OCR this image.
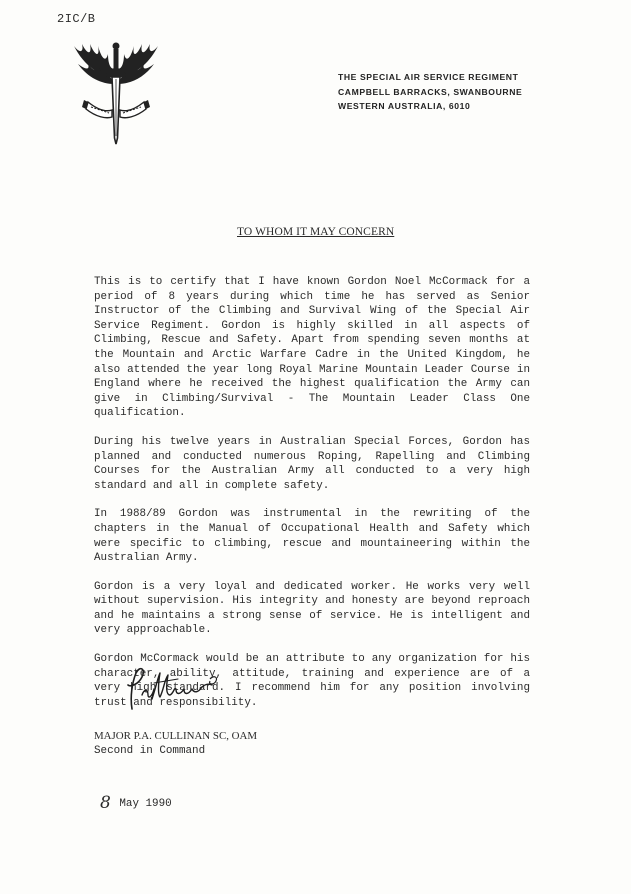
2IC/B
THE SPECIAL AIR SERVICE REGIMENT
CAMPBELL BARRACKS, SWANBOURNE
WESTERN AUSTRALIA, 6010
TO WHOM IT MAY CONCERN

This is to certify that I have known Gordon Noel McCormack for a period of 8 years during which time he has served as Senior Instructor of the Climbing and Survival Wing of the Special Air Service Regiment. Gordon is highly skilled in all aspects of Climbing, Rescue and Safety. Apart from spending seven months at the Mountain and Arctic Warfare Cadre in the United Kingdom, he also attended the year long Royal Marine Mountain Leader Course in England where he received the highest qualification the Army can give in Climbing/Survival - The Mountain Leader Class One qualification.

During his twelve years in Australian Special Forces, Gordon has planned and conducted numerous Roping, Rapelling and Climbing Courses for the Australian Army all conducted to a very high standard and all in complete safety.

In 1988/89 Gordon was instrumental in the rewriting of the chapters in the Manual of Occupational Health and Safety which were specific to climbing, rescue and mountaineering within the Australian Army.

Gordon is a very loyal and dedicated worker. He works very well without supervision. His integrity and honesty are beyond reproach and he maintains a strong sense of service. He is intelligent and very approachable.

Gordon McCormack would be an attribute to any organization for his character, ability, attitude, training and experience are of a very high standard. I recommend him for any position involving trust and responsibility.

MAJOR P.A. CULLINAN SC, OAM
Second in Command
8 May 1990
